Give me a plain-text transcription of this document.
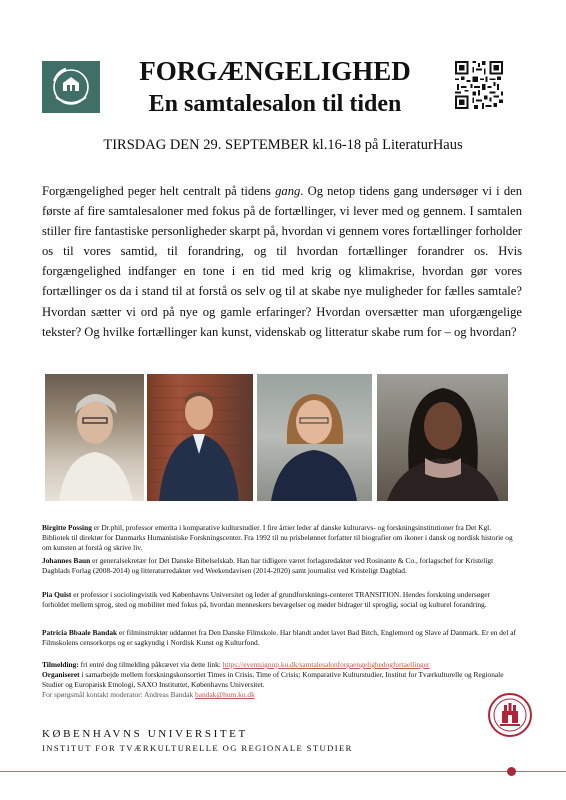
FORGÆNGELIGHED
En samtalesalon til tiden
TIRSDAG DEN 29. SEPTEMBER kl.16-18 på LiteraturHaus
Forgængelighed peger helt centralt på tidens gang. Og netop tidens gang undersøger vi i den første af fire samtalesaloner med fokus på de fortællinger, vi lever med og gennem. I samtalen stiller fire fantastiske personligheder skarpt på, hvordan vi gennem vores fortællinger forholder os til vores samtid, til forandring, og til hvordan fortællinger forandrer os. Hvis forgængelighed indfanger en tone i en tid med krig og klimakrise, hvordan gør vores fortællinger os da i stand til at forstå os selv og til at skabe nye muligheder for fælles samtale? Hvordan sætter vi ord på nye og gamle erfaringer? Hvordan oversætter man uforgængelige tekster? Og hvilke fortællinger kan kunst, videnskab og litteratur skabe rum for – og hvordan?
Birgitte Possing er Dr.phil, professor emerita i komparative kulturstudier. I fire årtier leder af danske kulturarvs- og forskningsinstitutioner fra Det Kgl. Bibliotek til direktør for Danmarks Humanistiske Forskningscenter. Fra 1992 til nu prisbelønnet forfatter til biografier om ikoner i dansk og nordisk historie og om kunsten at forstå og skrive liv.
Johannes Baun er generalsekretær for Det Danske Bibelselskab. Han har tidligere været forlagsredaktør ved Rosinante & Co., forlagschef for Kristeligt Dagblads Forlag (2008-2014) og litteraturredaktør ved Weekendavisen (2014-2020) samt journalist ved Kristeligt Dagblad.
Pia Quist er professor i sociolingvistik ved Københavns Universitet og leder af grundforsknings-centeret TRANSITION. Hendes forskning undersøger forholdet mellem sprog, sted og mobilitet med fokus på, hvordan menneskers bevægelser og møder bidrager til sproglig, social og kulturel forandring.
Patricia Bbaale Bandak er filminstruktør uddannet fra Den Danske Filmskole. Har blandt andet lavet Bad Bitch, Englemord og Slave af Danmark. Er en del af Filmskolens censorkorps og er sagkyndig i Nordisk Kunst og Kulturfond.
Tilmelding: fri entré dog tilmelding påkrævet via dette link: https://eventsignup.ku.dk/samtalesalonforgaengelighedogfortaellinger
Organiseret i samarbejde mellem forskningskonsortiet Times in Crisis, Time of Crisis; Komparative Kulturstudier, Institut for Tværkulturelle og Regionale Studier og Europæisk Etnologi, SAXO Instituttet, Københavns Universitet.
For spørgsmål kontakt moderator: Andreas Bandak bandak@hum.ku.dk
KØBENHAVNS UNIVERSITET
INSTITUT FOR TVÆRKULTURELLE OG REGIONALE STUDIER
